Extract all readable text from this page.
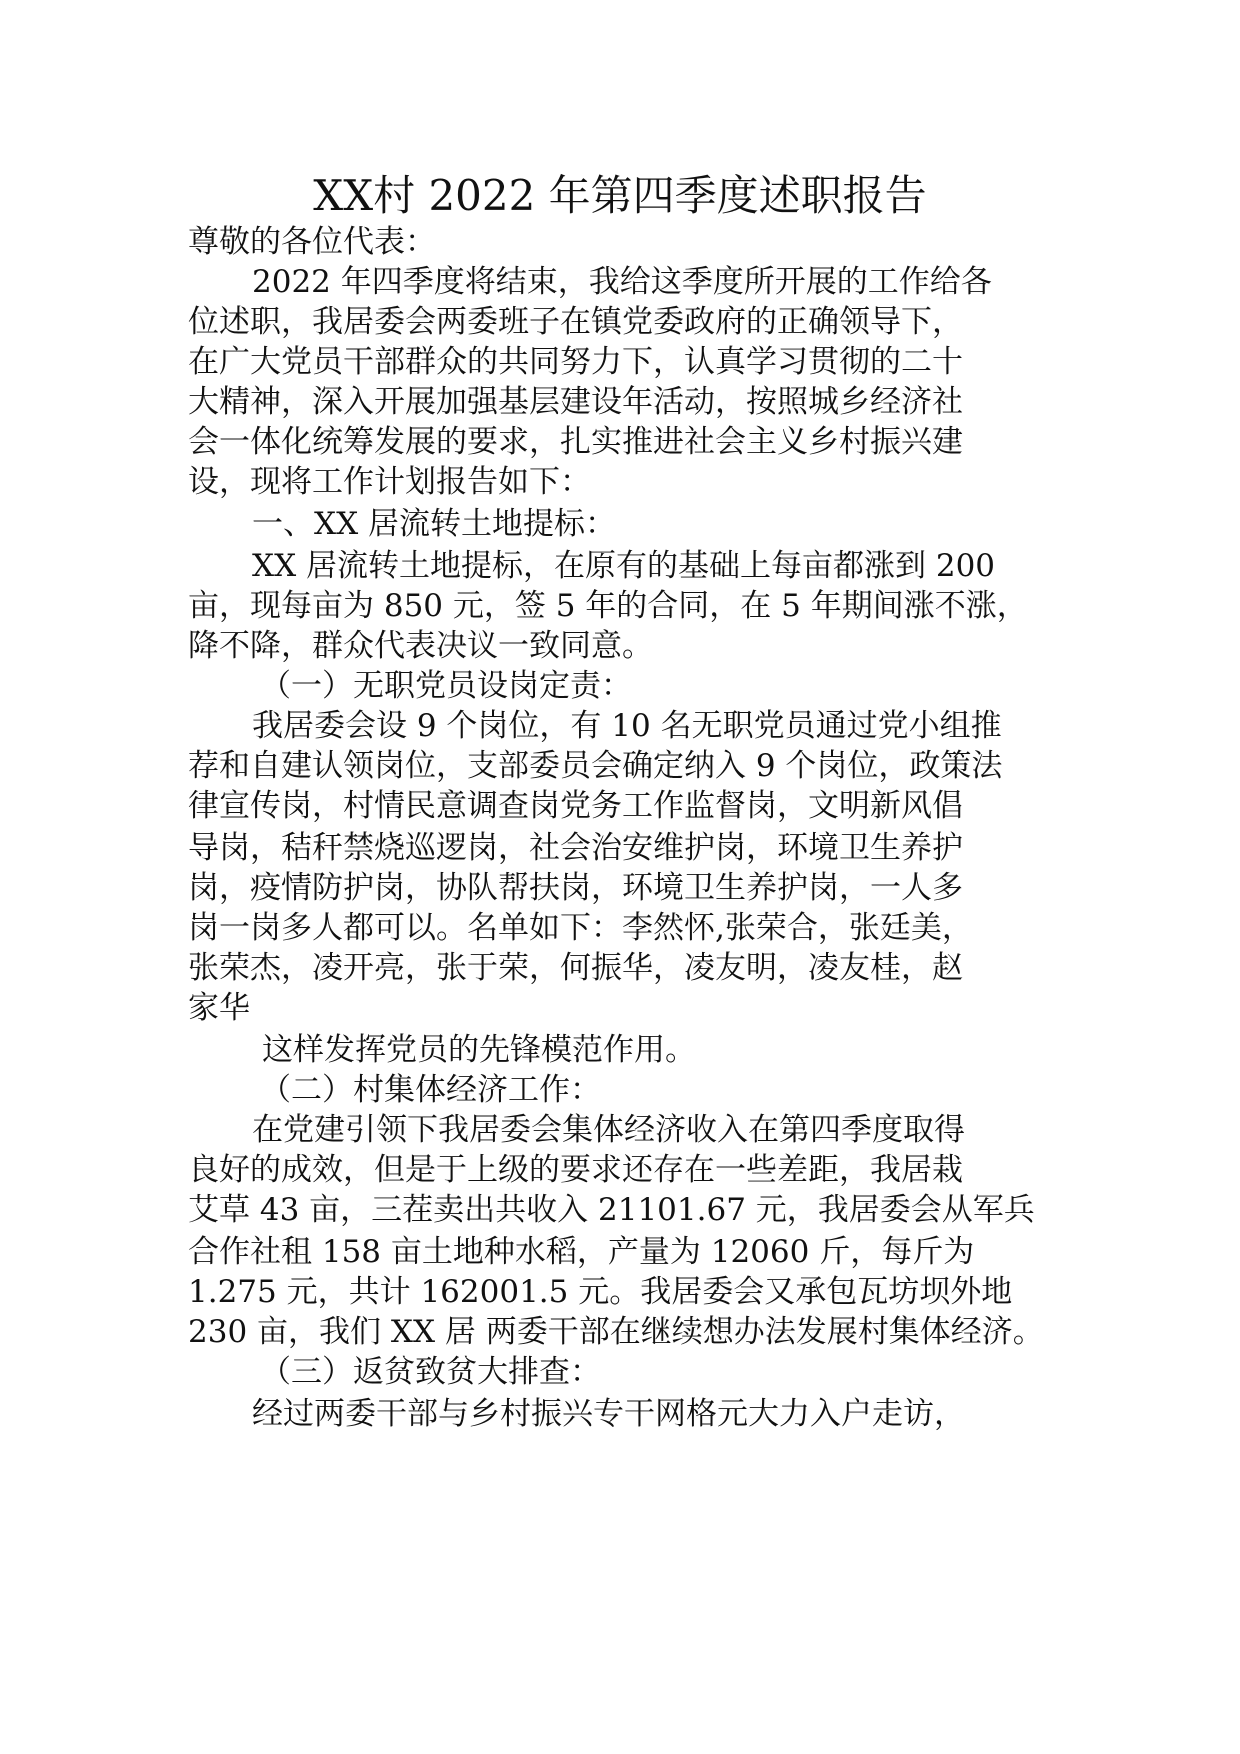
XX村 2022 年第四季度述职报告
尊敬的各位代表：
2022 年四季度将结束，我给这季度所开展的工作给各
位述职，我居委会两委班子在镇党委政府的正确领导下，
在广大党员干部群众的共同努力下，认真学习贯彻的二十
大精神，深入开展加强基层建设年活动，按照城乡经济社
会一体化统筹发展的要求，扎实推进社会主义乡村振兴建
设，现将工作计划报告如下：
一、XX 居流转土地提标：
XX 居流转土地提标，在原有的基础上每亩都涨到 200
亩，现每亩为 850 元，签 5 年的合同，在 5 年期间涨不涨，
降不降，群众代表决议一致同意。
（一）无职党员设岗定责：
我居委会设 9 个岗位，有 10 名无职党员通过党小组推
荐和自建认领岗位，支部委员会确定纳入 9 个岗位，政策法
律宣传岗，村情民意调查岗党务工作监督岗，文明新风倡
导岗，秸秆禁烧巡逻岗，社会治安维护岗，环境卫生养护
岗，疫情防护岗，协队帮扶岗，环境卫生养护岗，一人多
岗一岗多人都可以。名单如下：李然怀,张荣合，张廷美，
张荣杰，凌开亮，张于荣，何振华，凌友明，凌友桂，赵
家华
这样发挥党员的先锋模范作用。
（二）村集体经济工作：
在党建引领下我居委会集体经济收入在第四季度取得
良好的成效，但是于上级的要求还存在一些差距，我居栽
艾草 43 亩，三茬卖出共收入 21101.67 元，我居委会从军兵
合作社租 158 亩土地种水稻，产量为 12060 斤，每斤为
1.275 元，共计 162001.5 元。我居委会又承包瓦坊坝外地
230 亩，我们 XX 居 两委干部在继续想办法发展村集体经济。
（三）返贫致贫大排查：
经过两委干部与乡村振兴专干网格元大力入户走访，
